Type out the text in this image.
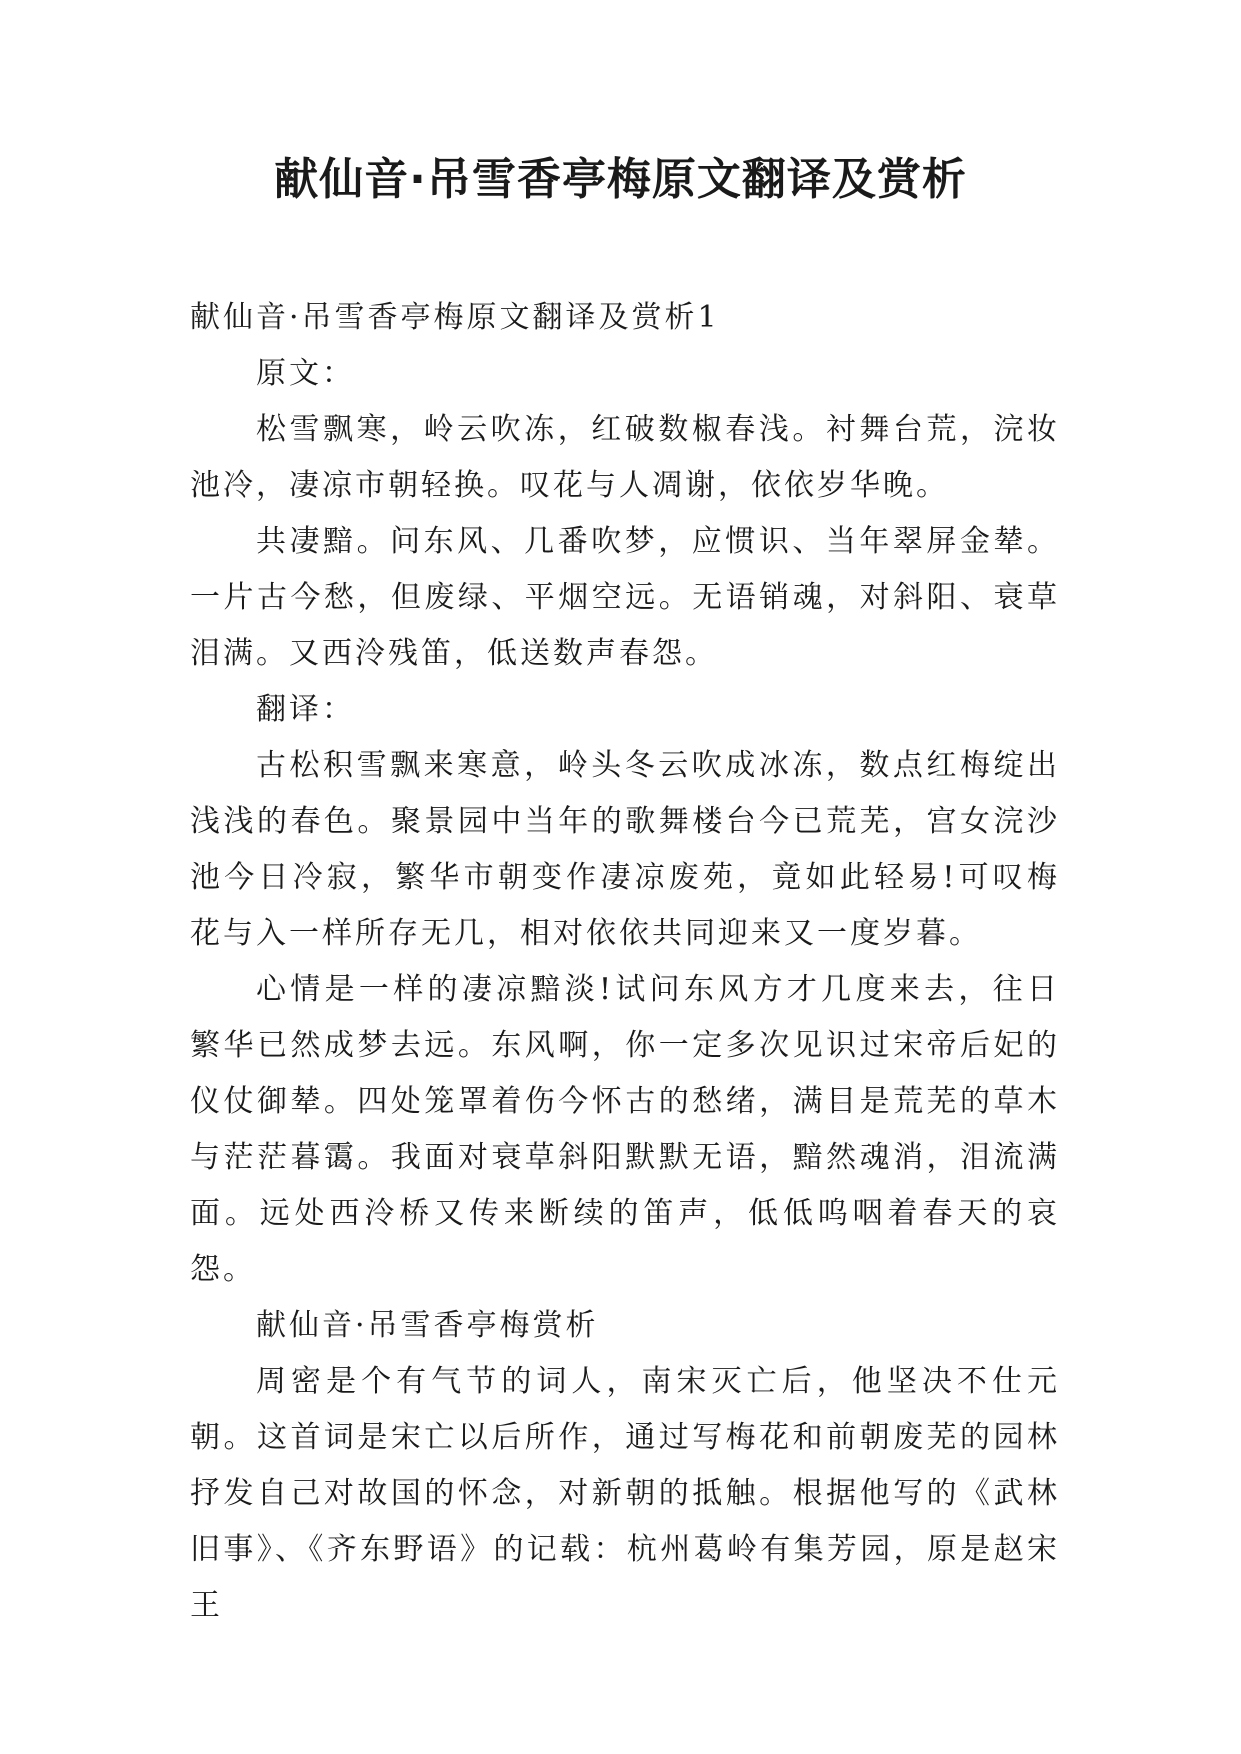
献仙音·吊雪香亭梅原文翻译及赏析

献仙音·吊雪香亭梅原文翻译及赏析1

原文：

松雪飘寒，岭云吹冻，红破数椒春浅。衬舞台荒，浣妆池冷，凄凉市朝轻换。叹花与人凋谢，依依岁华晚。

共凄黯。问东风、几番吹梦，应惯识、当年翠屏金辇。一片古今愁，但废绿、平烟空远。无语销魂，对斜阳、衰草泪满。又西泠残笛，低送数声春怨。

翻译：

古松积雪飘来寒意，岭头冬云吹成冰冻，数点红梅绽出浅浅的春色。聚景园中当年的歌舞楼台今已荒芜，宫女浣沙池今日冷寂，繁华市朝变作凄凉废苑，竟如此轻易!可叹梅花与入一样所存无几，相对依依共同迎来又一度岁暮。

心情是一样的凄凉黯淡!试问东风方才几度来去，往日繁华已然成梦去远。东风啊，你一定多次见识过宋帝后妃的仪仗御辇。四处笼罩着伤今怀古的愁绪，满目是荒芜的草木与茫茫暮霭。我面对衰草斜阳默默无语，黯然魂消，泪流满面。远处西泠桥又传来断续的笛声，低低呜咽着春天的哀怨。

献仙音·吊雪香亭梅赏析

周密是个有气节的词人，南宋灭亡后，他坚决不仕元朝。这首词是宋亡以后所作，通过写梅花和前朝废芜的园林抒发自己对故国的怀念，对新朝的抵触。根据他写的《武林旧事》、《齐东野语》的记载：杭州葛岭有集芳园，原是赵宋王
